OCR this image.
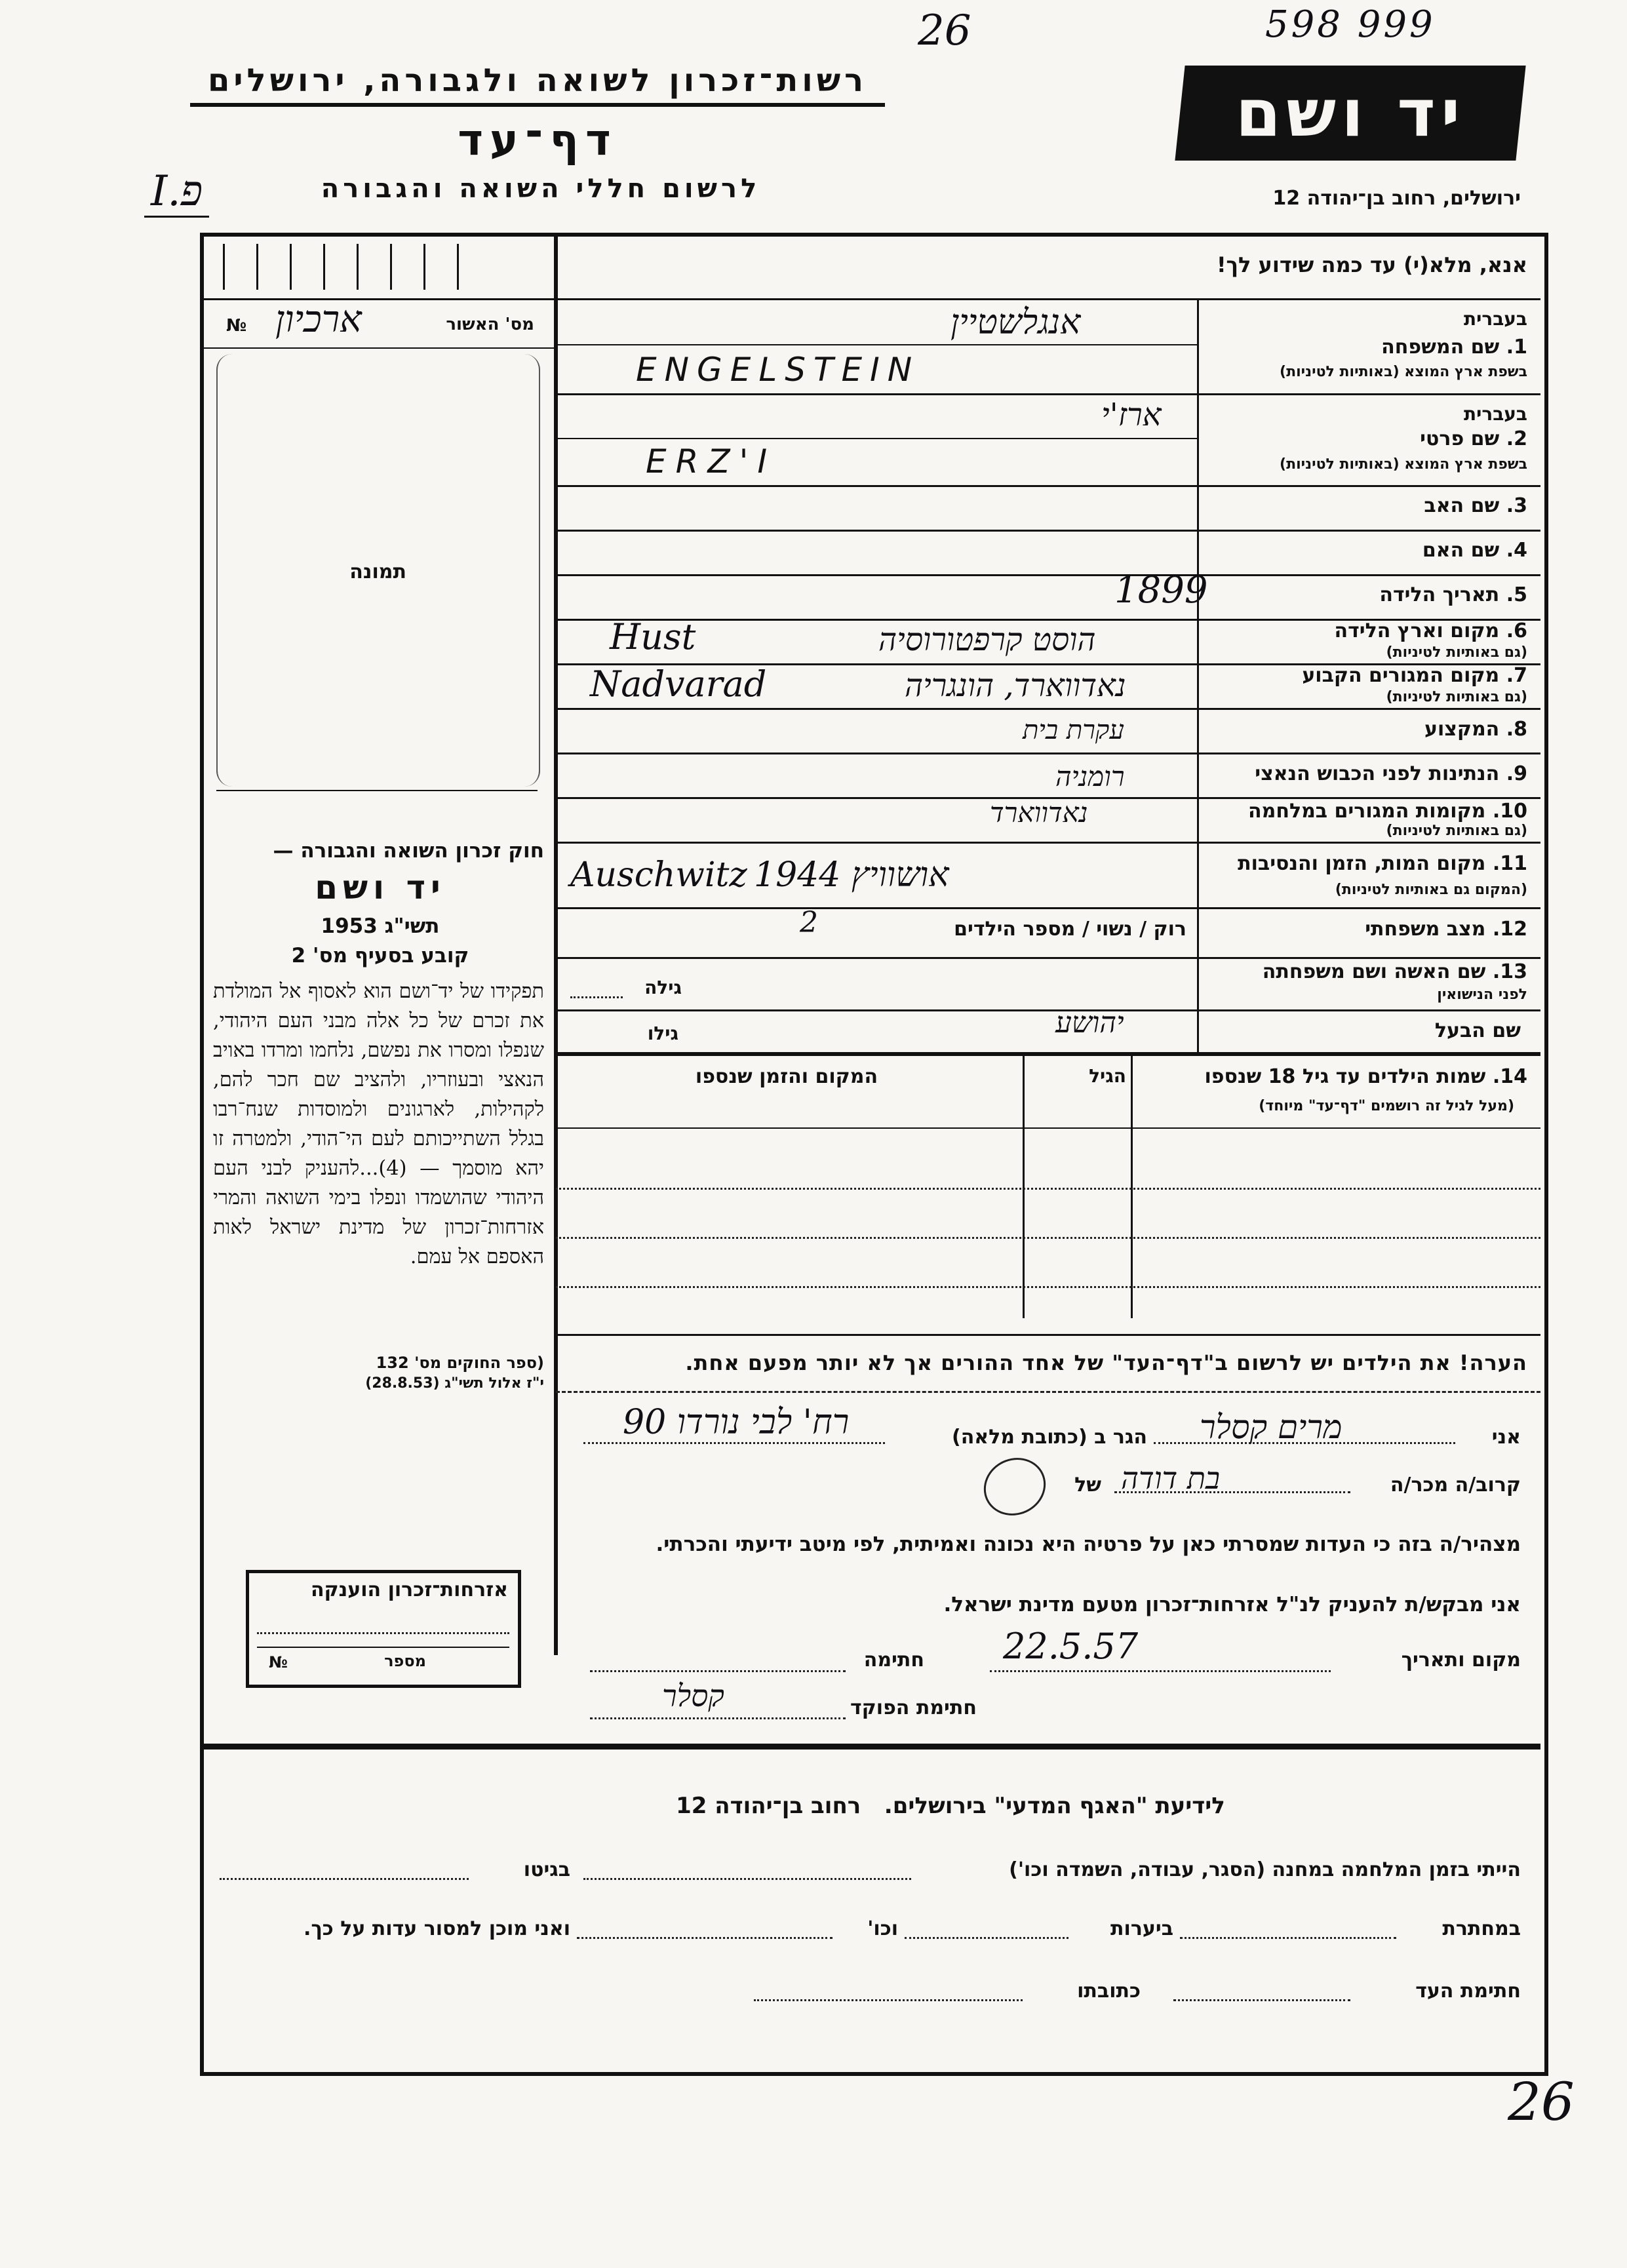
26	598 999
I.פ
רשות־זכרון לשואה ולגבורה, ירושלים
דף־עד
לרשום חללי השואה והגבורה
יד ושם
ירושלים, רחוב בן־יהודה 12
אנא, מלא(י) עד כמה שידוע לך!
מס' האשור
№ ארכיון
תמונה
חוק זכרון השואה והגבורה —
יד ושם
תשי"ג 1953
קובע בסעיף מס' 2
תפקידו של יד־ושם הוא לאסוף אל המולדת את זכרם של כל אלה מבני העם היהודי, שנפלו ומסרו את נפשם, נלחמו ומרדו באויב הנאצי ובעוזריו, ולהציב שם חכר להם, לקהילות, לארגונים ולמוסדות שנח־רבו בגלל השתייכותם לעם הי־הודי, ולמטרה זו יהא מוסמך — (4)...להעניק לבני העם היהודי שהושמדו ונפלו בימי השואה והמרי אזרחות־זכרון של מדינת ישראל לאות האספם אל עמם.
(ספר החוקים מס' 132
י"ז אלול תשי"ג (28.8.53)
אזרחות־זכרון הוענקה
מספר
№
בעברית
1. שם המשפחה
בשפת ארץ המוצא (באותיות לטיניות)
אנגלשטיין
ENGELSTEIN
בעברית
2. שם פרטי
בשפת ארץ המוצא (באותיות לטיניות)
ארז'י
ERZ'I
3. שם האב
4. שם האם
5. תאריך הלידה
1899
6. מקום וארץ הלידה
(גם באותיות לטיניות)
הוסט קרפטורוסיה
Hust
7. מקום המגורים הקבוע
(גם באותיות לטיניות)
נאדווארד, הונגריה
Nadvarad
8. המקצוע
עקרת בית
9. הנתינות לפני הכבוש הנאצי
רומניה
10. מקומות המגורים במלחמה
(גם באותיות לטיניות)
נאדווארד
11. מקום המות, הזמן והנסיבות
(המקום גם באותיות לטיניות)
אושוויץ 1944
Auschwitz
12. מצב משפחתי
רוק / נשוי / מספר הילדים
2
13. שם האשה ושם משפחתה
לפני הנישואין
גילה
שם הבעל
גילו	יהושע
14. שמות הילדים עד גיל 18 שנספו
(מעל לגיל זה רושמים "דף־עד" מיוחד)
הגיל
המקום והזמן שנספו
הערה! את הילדים יש לרשום ב"דף־העד" של אחד ההורים אך לא יותר מפעם אחת.
אני
מרים קסלר
הגר ב (כתובת מלאה)
רח' לבי נורדו 90
קרוב/ה מכר/ה
בת דודה
של
מצהיר/ה בזה כי העדות שמסרתי כאן על פרטיה היא נכונה ואמיתית, לפי מיטב ידיעתי והכרתי.
אני מבקש/ת להעניק לנ"ל אזרחות־זכרון מטעם מדינת ישראל.
מקום ותאריך
22.5.57
חתימה
חתימת הפוקד
קסלר
לידיעת "האגף המדעי" בירושלים.   רחוב בן־יהודה 12
הייתי בזמן המלחמה במחנה (הסגר, עבודה, השמדה וכו')
בגיטו
במחתרת
ביערות
וכו'
ואני מוכן למסור עדות על כך.
חתימת העד
כתובתו
26
